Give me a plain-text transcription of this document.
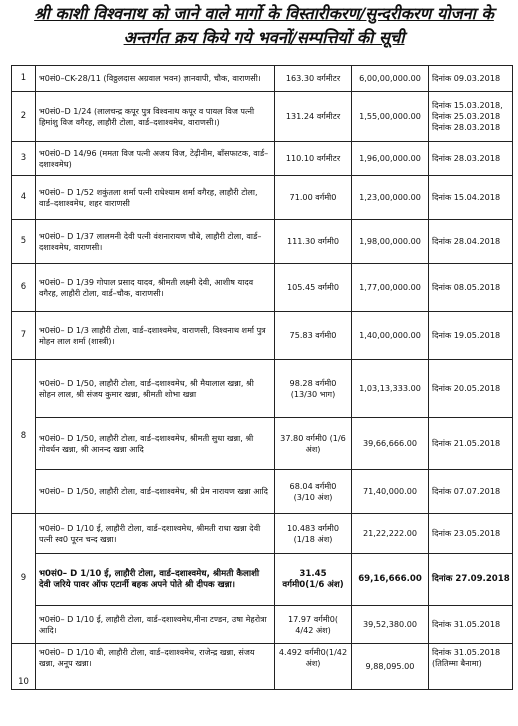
श्री काशी विश्वनाथ को जाने वाले मार्गो के विस्तारीकरण/सुन्दरीकरण योजना के
अन्तर्गत क्रय किये गये भवनों/सम्पत्तियों की सूची
1	भ0सं0–CK-28/11 (विठ्ठलदास अग्रवाल भवन) ज्ञानवापी, चौक, वाराणसी।	163.30 वर्गमीटर	6,00,00,000.00	दिनांक 09.03.2018
2	भ0सं0–D 1/24 (लालचन्द्र कपूर पुत्र विश्वनाथ कपूर व पायल विज पत्नी हिमांशु विज वगैरह, लाहौरी टोला, वार्ड–दशाश्वमेध, वाराणसी।)	131.24 वर्गमीटर	1,55,00,000.00	दिनांक 15.03.2018, दिनांक 25.03.2018 दिनांक 28.03.2018
3	भ0सं0–D 14/96 (ममता विज पत्नी अजय विज, टेढ़ीनीम, बाँसफाटक, वार्ड–दशाश्वमेध)	110.10 वर्गमीटर	1,96,00,000.00	दिनांक 28.03.2018
4	भ0सं0– D 1/52 शकुंतला शर्मा पत्नी राधेश्याम शर्मा वगैरह, लाहौरी टोला, वार्ड–दशाश्वमेध, शहर वाराणसी	71.00 वर्गमी0	1,23,00,000.00	दिनांक 15.04.2018
5	भ0सं0– D 1/37 लालमनी देवी पत्नी वंशनारायण चौबे, लाहौरी टोला, वार्ड–दशाश्वमेध, वाराणसी।	111.30 वर्गमी0	1,98,00,000.00	दिनांक 28.04.2018
6	भ0सं0– D 1/39 गोपाल प्रसाद यादव, श्रीमती लक्ष्मी देवी, आशीष यादव वगैरह, लाहौरी टोला, वार्ड–चौक, वाराणसी।	105.45 वर्गमी0	1,77,00,000.00	दिनांक 08.05.2018
7	भ0सं0– D 1/3 लाहौरी टोला, वार्ड–दशाश्वमेध, वाराणसी, विश्वनाथ शर्मा पुत्र मोहन लाल शर्मा (शास्त्री)।	75.83 वर्गमी0	1,40,00,000.00	दिनांक 19.05.2018
8	भ0सं0– D 1/50, लाहौरी टोला, वार्ड–दशाश्वमेध, श्री मैयालाल खन्ना, श्री सोहन लाल, श्री संजय कुमार खन्ना, श्रीमती शोभा खन्ना	98.28 वर्गमी0 (13/30 भाग)	1,03,13,333.00	दिनांक 20.05.2018
	भ0सं0– D 1/50, लाहौरी टोला, वार्ड–दशाश्वमेध, श्रीमती सुधा खन्ना, श्री गोवर्धन खन्ना, श्री आनन्द खन्ना आदि	37.80 वर्गमी0 (1/6 अंश)	39,66,666.00	दिनांक 21.05.2018
	भ0सं0– D 1/50, लाहौरी टोला, वार्ड–दशाश्वमेध, श्री प्रेम नारायण खन्ना आदि	68.04 वर्गमी0 (3/10 अंश)	71,40,000.00	दिनांक 07.07.2018
9	भ0सं0– D 1/10 ई, लाहौरी टोला, वार्ड–दशाश्वमेध, श्रीमती राधा खन्ना देवी पत्नी स्व0 पूरन चन्द खन्ना।	10.483 वर्गमी0 (1/18 अंश)	21,22,222.00	दिनांक 23.05.2018
	भ0सं0– D 1/10 ई, लाहौरी टोला, वार्ड–दशाश्वमेध, श्रीमती कैलाशी देवी जरिये पावर ऑफ एटार्नी बहक अपने पोते श्री दीपक खन्ना।	31.45 वर्गमी0(1/6 अंश)	69,16,666.00	दिनांक 27.09.2018
	भ0सं0– D 1/10 ई, लाहौरी टोला, वार्ड–दशाश्वमेध,मीना टण्डन, उषा मेहरोत्रा आदि।	17.97 वर्गमी0( 4/42 अंश)	39,52,380.00	दिनांक 31.05.2018
10	भ0सं0– D 1/10 बी, लाहौरी टोला, वार्ड–दशाश्वमेध, राजेन्द्र खन्ना, संजय खन्ना, अनूप खन्ना।	4.492 वर्गमी0(1/42 अंश)	9,88,095.00	दिनांक 31.05.2018 (तितिम्मा बैनामा)
